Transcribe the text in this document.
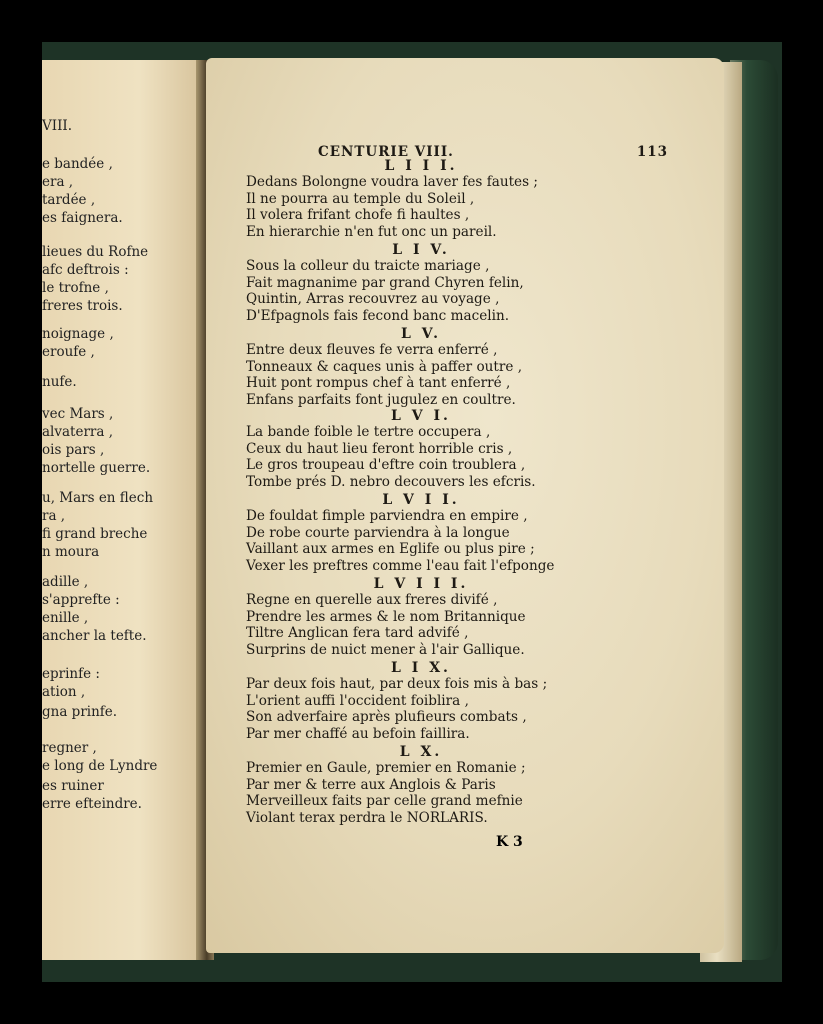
VIII.
e bandée ,
era ,
tardée ,
es faignera.
lieues du Rofne
afc deftrois :
le trofne ,
freres trois.
noignage ,
eroufe ,
nufe.
vec Mars ,
alvaterra ,
ois pars ,
nortelle guerre.
u, Mars en flech
ra ,
fi grand breche
n moura
adille ,
s'apprefte :
enille ,
ancher la tefte.
eprinfe :
ation ,
gna prinfe.
regner ,
e long de Lyndre
es ruiner
erre efteindre.
CENTURIE VIII.	113
L I I I.
Dedans Bolongne voudra laver fes fautes ;
Il ne pourra au temple du Soleil ,
Il volera frifant chofe fi haultes ,
En hierarchie n'en fut onc un pareil.
L I V.
Sous la colleur du traicte mariage ,
Fait magnanime par grand Chyren felin,
Quintin, Arras recouvrez au voyage ,
D'Efpagnols fais fecond banc macelin.
L V.
Entre deux fleuves fe verra enferré ,
Tonneaux & caques unis à paffer outre ,
Huit pont rompus chef à tant enferré ,
Enfans parfaits font jugulez en coultre.
L V I.
La bande foible le tertre occupera ,
Ceux du haut lieu feront horrible cris ,
Le gros troupeau d'eftre coin troublera ,
Tombe prés D. nebro decouvers les efcris.
L V I I.
De fouldat fimple parviendra en empire ,
De robe courte parviendra à la longue
Vaillant aux armes en Eglife ou plus pire ;
Vexer les preftres comme l'eau fait l'efponge
L V I I I.
Regne en querelle aux freres divifé ,
Prendre les armes & le nom Britannique
Tiltre Anglican fera tard advifé ,
Surprins de nuict mener à l'air Gallique.
L I X.
Par deux fois haut, par deux fois mis à bas ;
L'orient auffi l'occident foiblira ,
Son adverfaire après plufieurs combats ,
Par mer chaffé au befoin faillira.
L X.
Premier en Gaule, premier en Romanie ;
Par mer & terre aux Anglois & Paris
Merveilleux faits par celle grand mefnie
Violant terax perdra le NORLARIS.
K 3
